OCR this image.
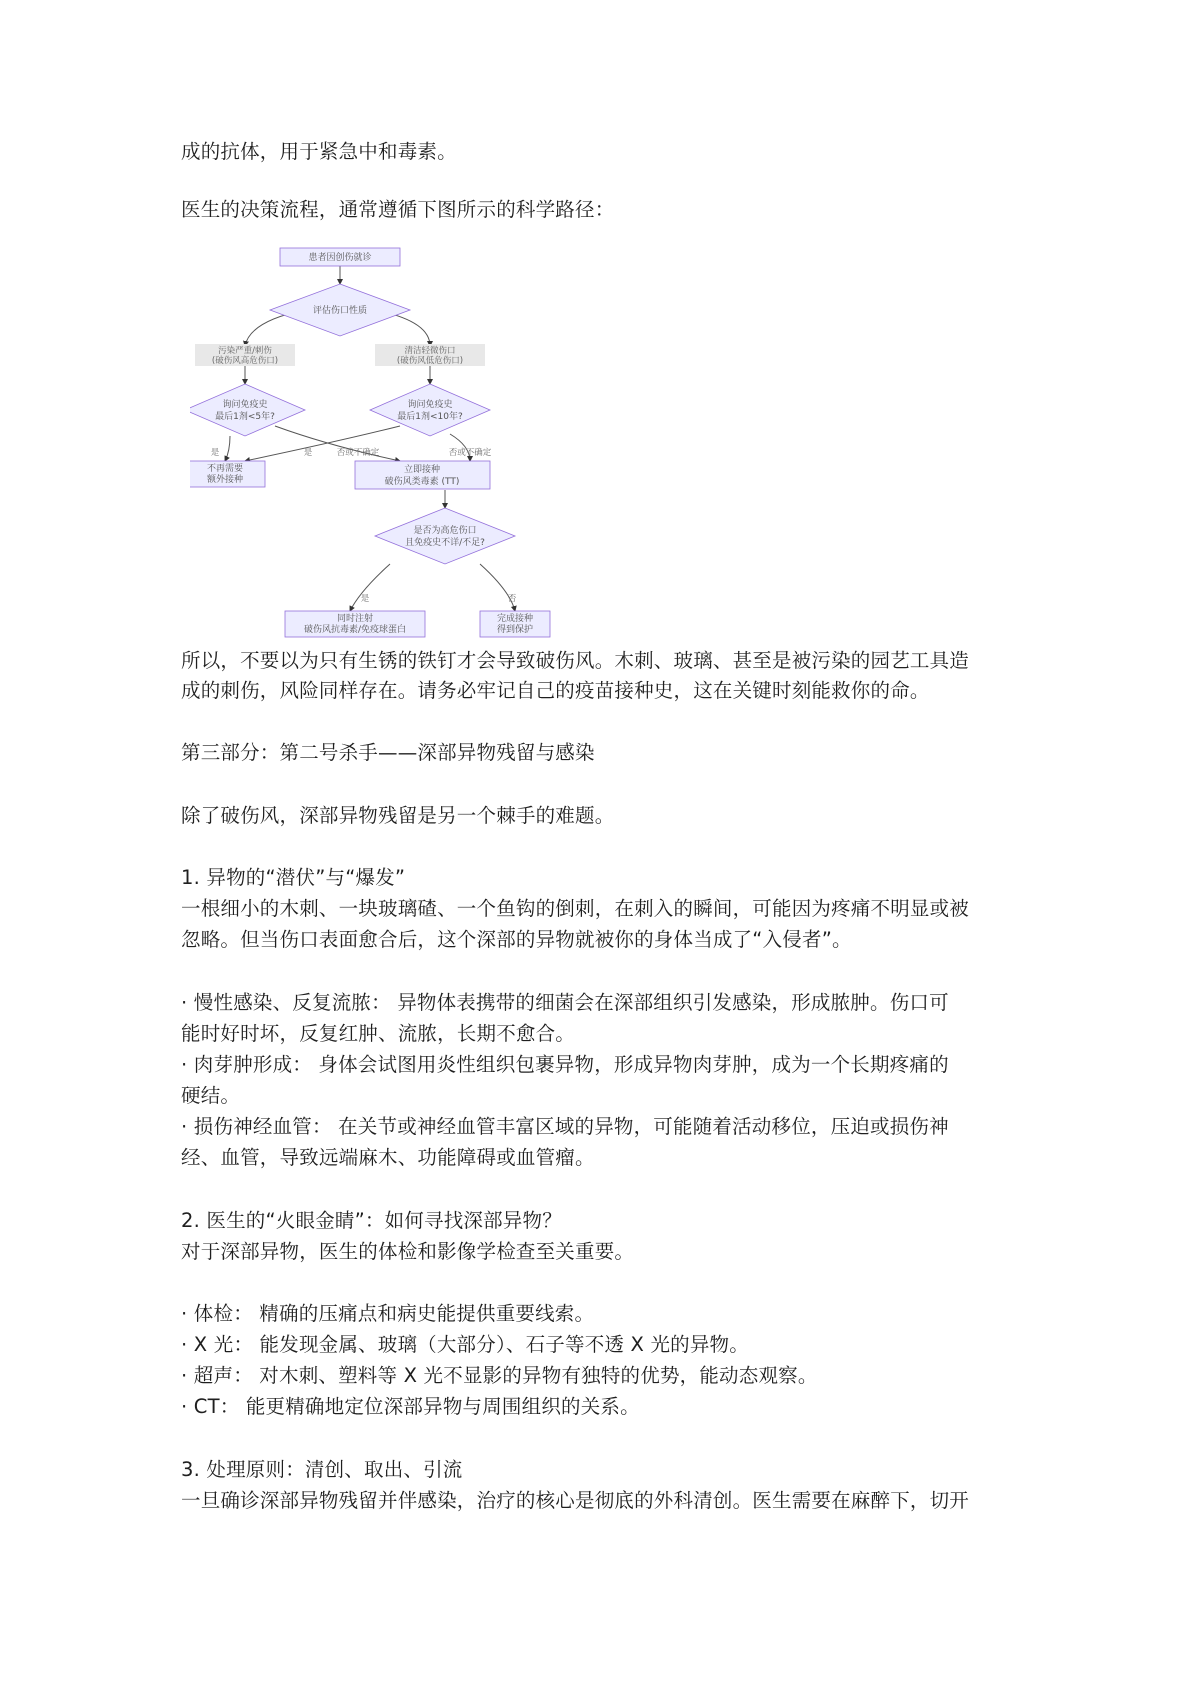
成的抗体，用于紧急中和毒素。
医生的决策流程，通常遵循下图所示的科学路径：
患者因创伤就诊
评估伤口性质
污染严重/刺伤
(破伤风高危伤口)
清洁轻微伤口
(破伤风低危伤口)
询问免疫史
最后1剂<5年?
询问免疫史
最后1剂<10年?
是	是	否或不确定	否或不确定
不再需要
额外接种
立即接种
破伤风类毒素 (TT)
是否为高危伤口
且免疫史不详/不足?
是	否
同时注射
破伤风抗毒素/免疫球蛋白
完成接种
得到保护
所以，不要以为只有生锈的铁钉才会导致破伤风。木刺、玻璃、甚至是被污染的园艺工具造
成的刺伤，风险同样存在。请务必牢记自己的疫苗接种史，这在关键时刻能救你的命。
第三部分：第二号杀手——深部异物残留与感染
除了破伤风，深部异物残留是另一个棘手的难题。
1. 异物的“潜伏”与“爆发”
一根细小的木刺、一块玻璃碴、一个鱼钩的倒刺，在刺入的瞬间，可能因为疼痛不明显或被
忽略。但当伤口表面愈合后，这个深部的异物就被你的身体当成了“入侵者”。
· 慢性感染、反复流脓： 异物体表携带的细菌会在深部组织引发感染，形成脓肿。伤口可
能时好时坏，反复红肿、流脓，长期不愈合。
· 肉芽肿形成： 身体会试图用炎性组织包裹异物，形成异物肉芽肿，成为一个长期疼痛的
硬结。
· 损伤神经血管： 在关节或神经血管丰富区域的异物，可能随着活动移位，压迫或损伤神
经、血管，导致远端麻木、功能障碍或血管瘤。
2. 医生的“火眼金睛”：如何寻找深部异物？
对于深部异物，医生的体检和影像学检查至关重要。
· 体检： 精确的压痛点和病史能提供重要线索。
· X 光： 能发现金属、玻璃（大部分）、石子等不透 X 光的异物。
· 超声： 对木刺、塑料等 X 光不显影的异物有独特的优势，能动态观察。
· CT： 能更精确地定位深部异物与周围组织的关系。
3. 处理原则：清创、取出、引流
一旦确诊深部异物残留并伴感染，治疗的核心是彻底的外科清创。医生需要在麻醉下，切开
